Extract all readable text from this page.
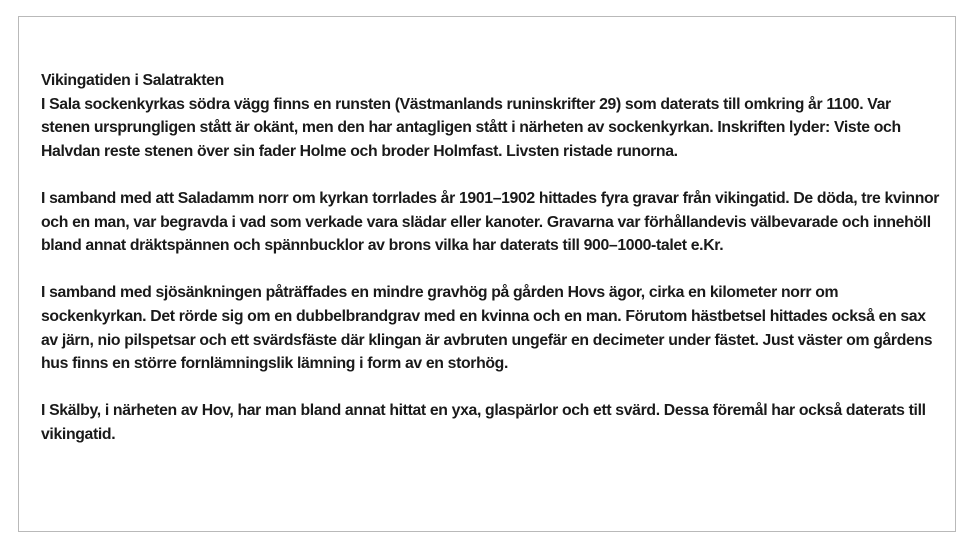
Vikingatiden i Salatrakten
I Sala sockenkyrkas södra vägg finns en runsten (Västmanlands runinskrifter 29) som daterats till omkring år 1100. Var stenen ursprungligen stått är okänt, men den har antagligen stått i närheten av sockenkyrkan. Inskriften lyder: Viste och Halvdan reste stenen över sin fader Holme och broder Holmfast. Livsten ristade runorna.

I samband med att Saladamm norr om kyrkan torrlades år 1901–1902 hittades fyra gravar från vikingatid. De döda, tre kvinnor och en man, var begravda i vad som verkade vara slädar eller kanoter. Gravarna var förhållandevis välbevarade och innehöll bland annat dräktspännen och spännbucklor av brons vilka har daterats till 900–1000-talet e.Kr.

I samband med sjösänkningen påträffades en mindre gravhög på gården Hovs ägor, cirka en kilometer norr om sockenkyrkan. Det rörde sig om en dubbelbrandgrav med en kvinna och en man. Förutom hästbetsel hittades också en sax av järn, nio pilspetsar och ett svärdsfäste där klingan är avbruten ungefär en decimeter under fästet. Just väster om gårdens hus finns en större fornlämningslik lämning i form av en storhög.

I Skälby, i närheten av Hov, har man bland annat hittat en yxa, glaspärlor och ett svärd. Dessa föremål har också daterats till vikingatid.
